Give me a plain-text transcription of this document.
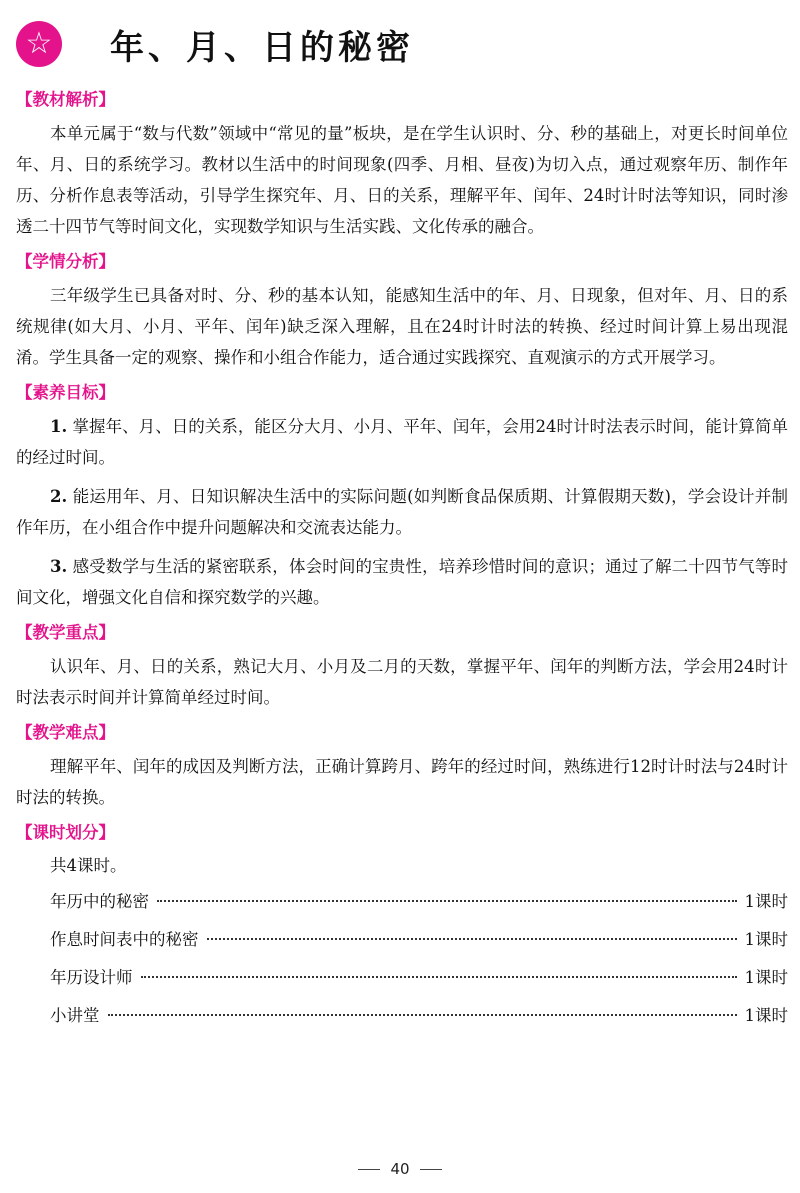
☆ 年、月、日的秘密
【教材解析】

本单元属于“数与代数”领域中“常见的量”板块，是在学生认识时、分、秒的基础上，对更长时间单位年、月、日的系统学习。教材以生活中的时间现象(四季、月相、昼夜)为切入点，通过观察年历、制作年历、分析作息表等活动，引导学生探究年、月、日的关系，理解平年、闰年、24时计时法等知识，同时渗透二十四节气等时间文化，实现数学知识与生活实践、文化传承的融合。

【学情分析】

三年级学生已具备对时、分、秒的基本认知，能感知生活中的年、月、日现象，但对年、月、日的系统规律(如大月、小月、平年、闰年)缺乏深入理解，且在24时计时法的转换、经过时间计算上易出现混淆。学生具备一定的观察、操作和小组合作能力，适合通过实践探究、直观演示的方式开展学习。

【素养目标】

1. 掌握年、月、日的关系，能区分大月、小月、平年、闰年，会用24时计时法表示时间，能计算简单的经过时间。

2. 能运用年、月、日知识解决生活中的实际问题(如判断食品保质期、计算假期天数)，学会设计并制作年历，在小组合作中提升问题解决和交流表达能力。

3. 感受数学与生活的紧密联系，体会时间的宝贵性，培养珍惜时间的意识；通过了解二十四节气等时间文化，增强文化自信和探究数学的兴趣。

【教学重点】

认识年、月、日的关系，熟记大月、小月及二月的天数，掌握平年、闰年的判断方法，学会用24时计时法表示时间并计算简单经过时间。

【教学难点】

理解平年、闰年的成因及判断方法，正确计算跨月、跨年的经过时间，熟练进行12时计时法与24时计时法的转换。

【课时划分】
共4课时。
年历中的秘密	1课时
作息时间表中的秘密	1课时
年历设计师	1课时
小讲堂	1课时
40
